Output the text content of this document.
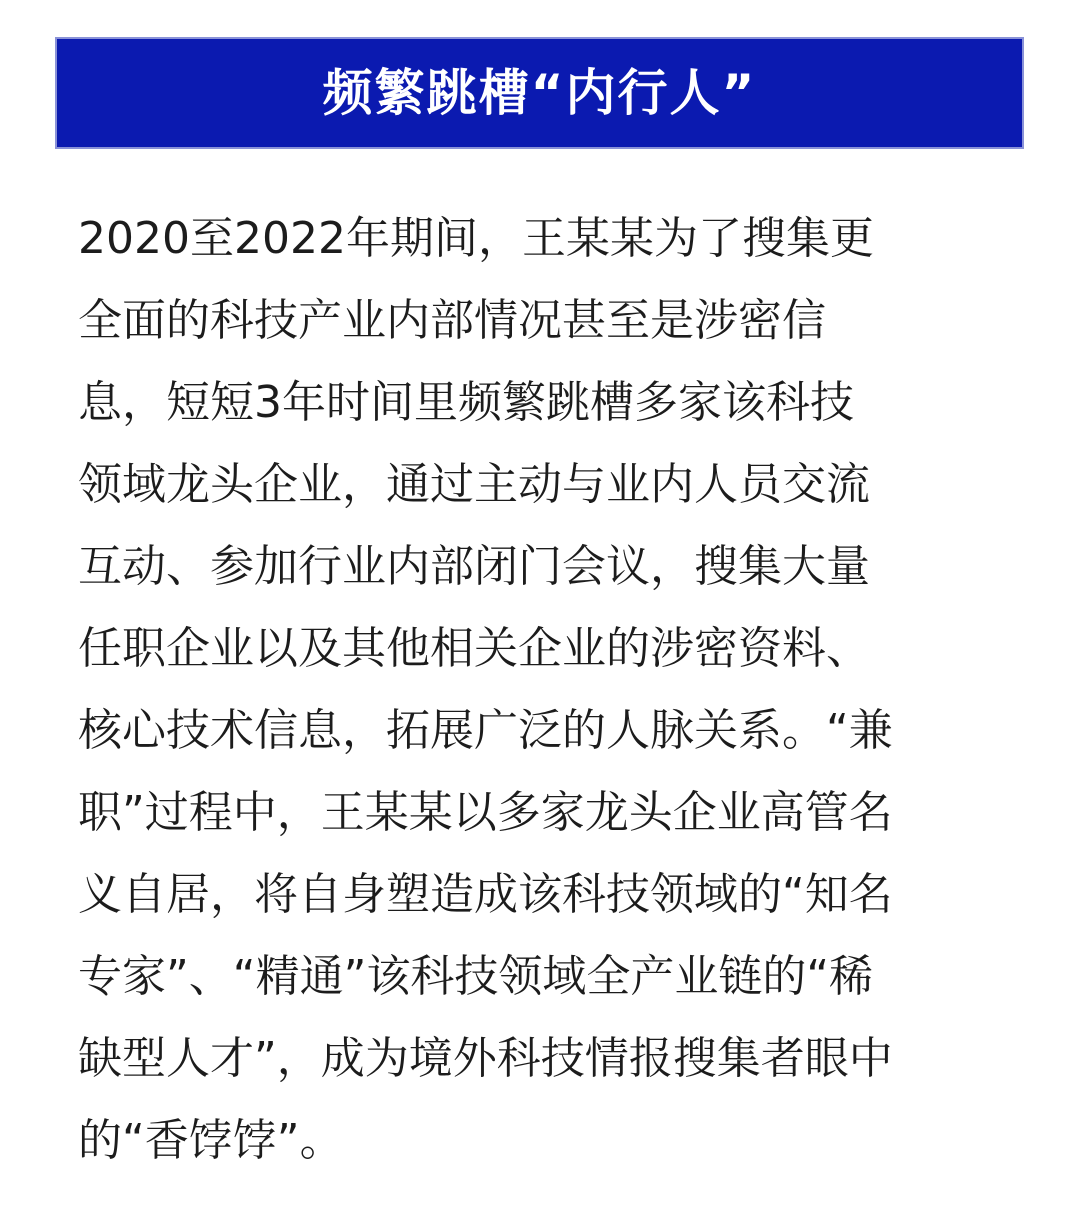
频繁跳槽“内行人”
2020至2022年期间，王某某为了搜集更
全面的科技产业内部情况甚至是涉密信
息，短短3年时间里频繁跳槽多家该科技
领域龙头企业，通过主动与业内人员交流
互动、参加行业内部闭门会议，搜集大量
任职企业以及其他相关企业的涉密资料、
核心技术信息，拓展广泛的人脉关系。“兼
职”过程中，王某某以多家龙头企业高管名
义自居，将自身塑造成该科技领域的“知名
专家”、“精通”该科技领域全产业链的“稀
缺型人才”，成为境外科技情报搜集者眼中
的“香饽饽”。
